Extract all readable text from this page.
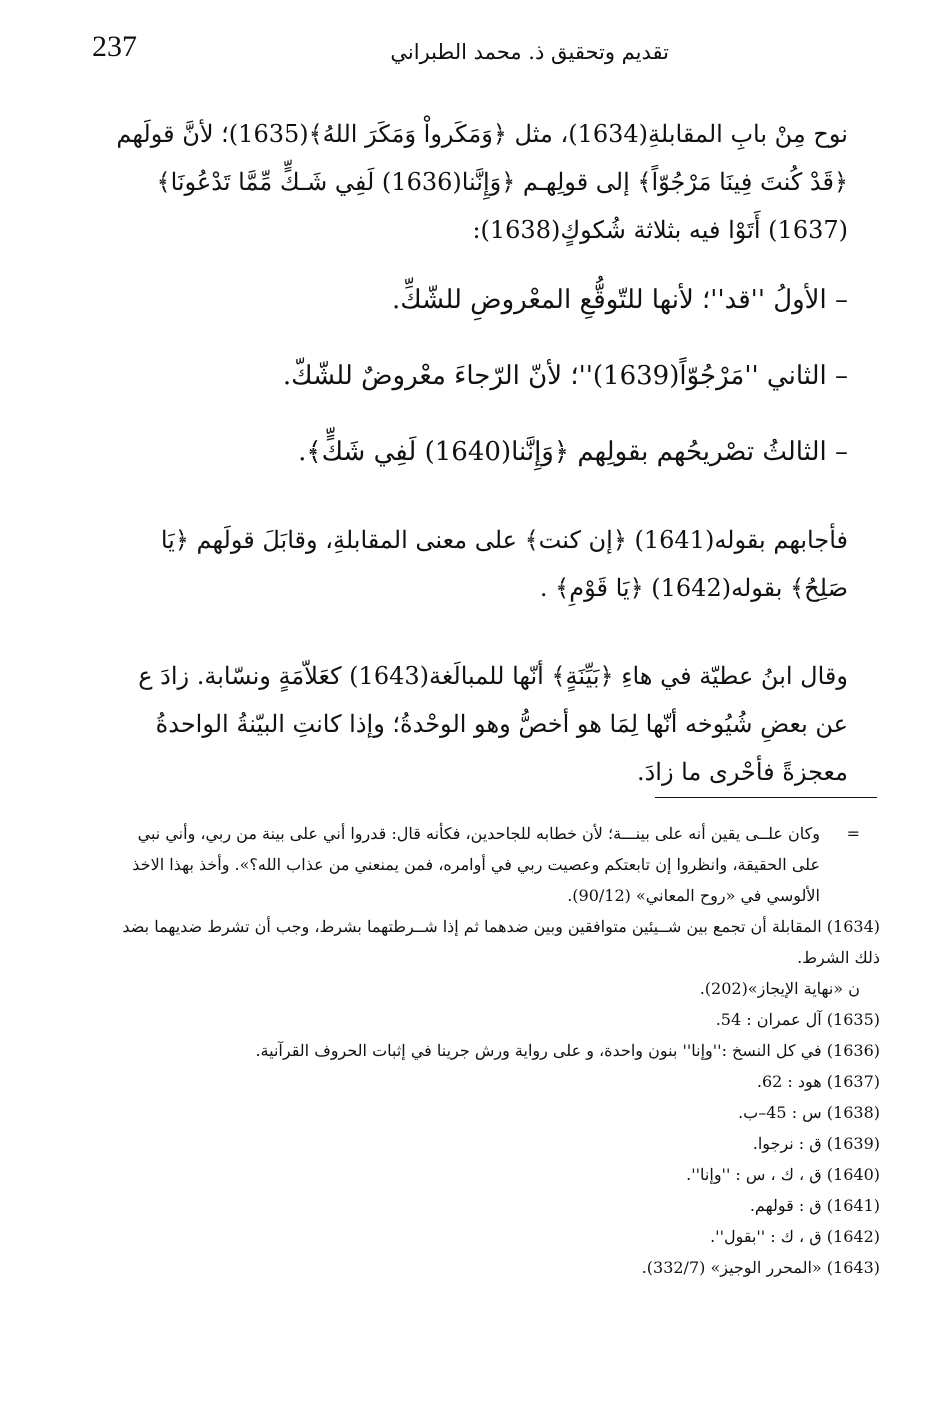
237	تقديم وتحقيق ذ. محمد الطبراني

نوح مِنْ بابِ المقابلةِ(1634)، مثل ﴿وَمَكَرواْ وَمَكَرَ اللهُ﴾(1635)؛ لأنَّ قولَهم ﴿قَدْ كُنتَ فِينَا مَرْجُوّاً﴾ إلى قولِهـم ﴿وَإِنَّنا(1636) لَفِي شَـكٍّ مِّمَّا تَدْعُونَا﴾(1637) أَتَوْا فيه بثلاثة شُكوكٍ(1638):

– الأولُ ''قد''؛ لأنها للتّوقُّعِ المعْروضِ للشّكِّ.

– الثاني ''مَرْجُوّاً(1639)''؛ لأنّ الرّجاءَ معْروضٌ للشّكّ.

– الثالثُ تصْريحُهم بقولِهم ﴿وَإِنَّنا(1640) لَفِي شَكٍّ﴾.

فأجابهم بقوله(1641) ﴿إن كنت﴾ على معنى المقابلةِ، وقابَلَ قولَهم ﴿يَا صَلِحُ﴾ بقوله(1642) ﴿يَا قَوْمِ﴾ .

وقال ابنُ عطيّة في هاءِ ﴿بَيِّنَةٍ﴾ أنّها للمبالَغة(1643) كعَلاّمَةٍ ونسّابة. زادَ ع عن بعضِ شُيُوخه أنّها لِمَا هو أخصُّ وهو الوحْدةُ؛ وإذا كانتِ البيّنةُ الواحدةُ معجزةً فأحْرى ما زادَ.

=
وكان علــى يقين أنه على بينـــة؛ لأن خطابه للجاحدين، فكأنه قال: قدروا أني على بينة من ربي، وأني نبي على الحقيقة، وانظروا إن تابعتكم وعصيت ربي في أوامره، فمن يمنعني من عذاب الله؟». وأخذ بهذا الاخذ الألوسي في «روح المعاني» (90/12).

(1634) المقابلة أن تجمع بين شــيئين متوافقين وبين ضدهما ثم إذا شــرطتهما بشرط، وجب أن تشرط ضديهما بضد ذلك الشرط.

ن «نهاية الإيجاز»(202).

(1635) آل عمران : 54.

(1636) في كل النسخ :''وإنا'' بنون واحدة، و على رواية ورش جرينا في إثبات الحروف القرآنية.

(1637) هود : 62.

(1638) س : 45–ب.

(1639) ق : نرجوا.

(1640) ق ، ك ، س : ''وإنا''.

(1641) ق : قولهم.

(1642) ق ، ك : ''بقول''.

(1643) «المحرر الوجيز» (332/7).
